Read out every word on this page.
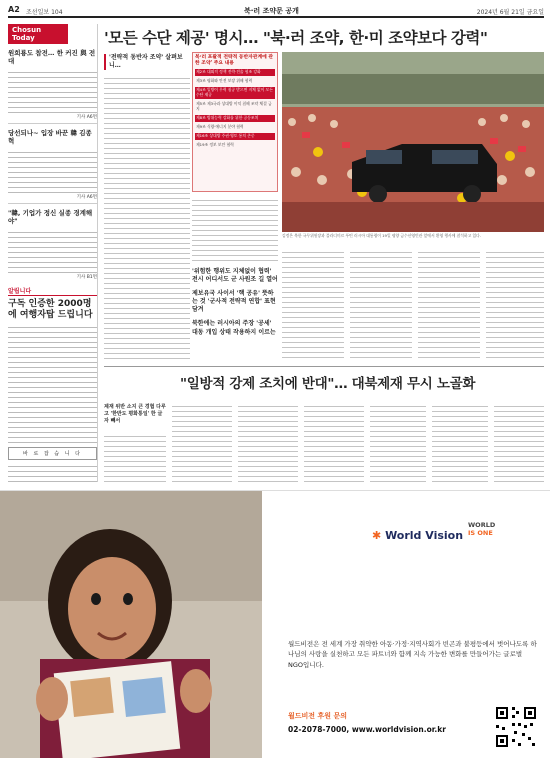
A2 조선일보 104	북·러 조약문 공개	2024년 6월 21일 금요일
Chosun Today
원희룡도 참전… 한 커진 與 전대
기사 A6면
당선되나~ 입장 바꾼 韓 김종혁
기사 A6면
"韓, 기업가 정신 실종 경계해야"
기사 B1면
알립니다
구독 인증한 2000명에 여행자탑 드립니다
바 로 잡 습 니 다
'모든 수단 제공' 명시… "북·러 조약, 한·미 조약보다 강력"
'전략적 동반자 조약' 살펴보니…
북·러 포괄적 전략적 동반자관계에 관한 조약' 주요 내용
제2조 대외적 정책 전략·전술 협조 강화
제3조 평화와 안전 보장 위해 협력
제4조 일방이 무력 침공 받으면 지체 없이 모든 수단 제공
제5조 제3국과 상대방 이익 침해 조약 체결 금지
제8조 방위능력 강화를 위한 공동조치
제9조 식량·에너지 분야 협력
제16조 상대방 주권·영토 통치 존중
제19조 정보 보안 협력
'위험한 행위도 지체없이 협력' 전시 어디서도 군 사원조 길 열어
제보유국 사이서 '핵 공유' 뜻하는 것 '군사적 전략적 연합' 표현 담겨
북한에는 러시아의 주장 '공세' 대동 개입 상태 작용하지 이르는
김정은 북한 국무위원장과 블라디미르 푸틴 러시아 대통령이 19일 평양 금수산영빈관 앞에서 환영 행사에 참석하고 있다.
"일방적 강제 조치에 반대"… 대북제재 무시 노골화
제재 위반 소지 큰 경협 다루고 '한반도 평화통일' 한 글자 빼서
✱ World Vision
WORLD
IS ONE
월드비전은 전 세계 가장 취약한 아동·가정·지역사회가 빈곤과 불평등에서 벗어나도록 하나님의 사랑을 실천하고 모든 파트너와 함께 지속 가능한 변화를 만들어가는 글로벌 NGO입니다.
월드비전 후원 문의
02-2078-7000, www.worldvision.or.kr
